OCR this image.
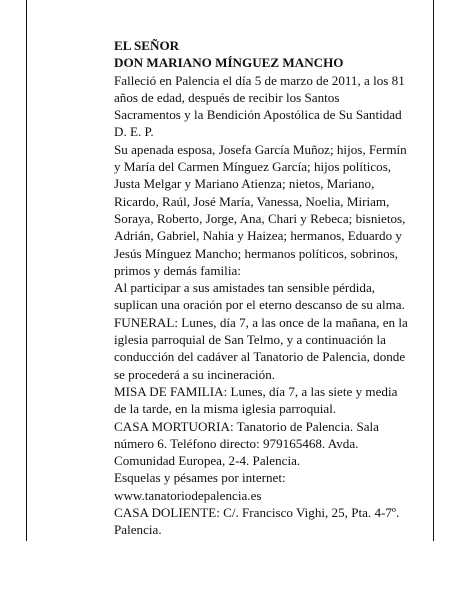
EL SEÑOR
DON MARIANO MÍNGUEZ MANCHO

Falleció en Palencia el día 5 de marzo de 2011, a los 81
años de edad, después de recibir los Santos
Sacramentos y la Bendición Apostólica de Su Santidad
D. E. P.

Su apenada esposa, Josefa García Muñoz; hijos, Fermín
y María del Carmen Mínguez García; hijos políticos,
Justa Melgar y Mariano Atienza; nietos, Mariano,
Ricardo, Raúl, José María, Vanessa, Noelia, Miriam,
Soraya, Roberto, Jorge, Ana, Chari y Rebeca; bisnietos,
Adrián, Gabriel, Nahia y Haizea; hermanos, Eduardo y
Jesús Mínguez Mancho; hermanos políticos, sobrinos,
primos y demás familia:

Al participar a sus amistades tan sensible pérdida,
suplican una oración por el eterno descanso de su alma.

FUNERAL: Lunes, día 7, a las once de la mañana, en la
iglesia parroquial de San Telmo, y a continuación la
conducción del cadáver al Tanatorio de Palencia, donde
se procederá a su incineración.

MISA DE FAMILIA: Lunes, día 7, a las siete y media
de la tarde, en la misma iglesia parroquial.

CASA MORTUORIA: Tanatorio de Palencia. Sala
número 6. Teléfono directo: 979165468. Avda.
Comunidad Europea, 2-4. Palencia.

Esquelas y pésames por internet:
www.tanatoriodepalencia.es

CASA DOLIENTE: C/. Francisco Vighi, 25, Pta. 4-7º.
Palencia.
